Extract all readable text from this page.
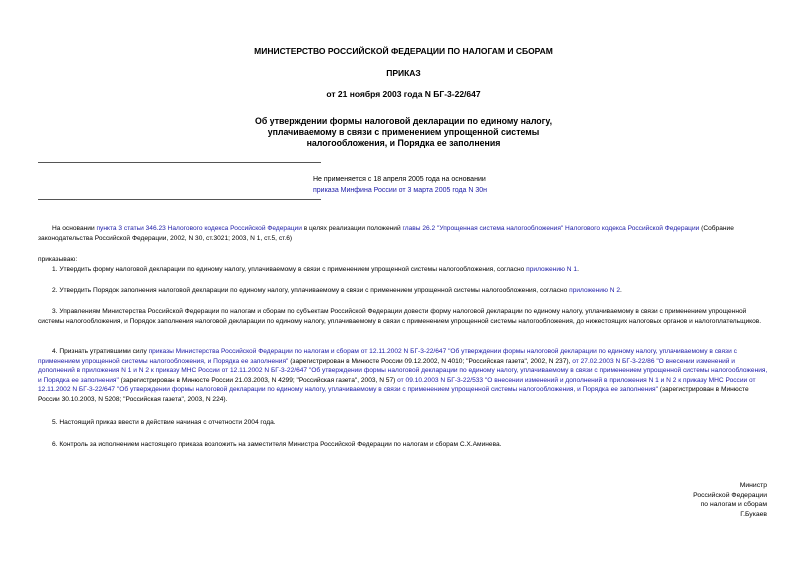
МИНИСТЕРСТВО РОССИЙСКОЙ ФЕДЕРАЦИИ ПО НАЛОГАМ И СБОРАМ
ПРИКАЗ
от 21 ноября 2003 года N БГ-3-22/647
Об утверждении формы налоговой декларации по единому налогу,
уплачиваемому в связи с применением упрощенной системы
налогообложения, и Порядка ее заполнения
Не применяется с 18 апреля 2005 года на основании
приказа Минфина России от 3 марта 2005 года N 30н
На основании пункта 3 статьи 346.23 Налогового кодекса Российской Федерации в целях реализации положений главы 26.2 "Упрощенная система налогообложения" Налогового кодекса Российской Федерации (Собрание законодательства Российской Федерации, 2002, N 30, ст.3021; 2003, N 1, ст.5, ст.6)
приказываю:
1. Утвердить форму налоговой декларации по единому налогу, уплачиваемому в связи с применением упрощенной системы налогообложения, согласно приложению N 1.
2. Утвердить Порядок заполнения налоговой декларации по единому налогу, уплачиваемому в связи с применением упрощенной системы налогообложения, согласно приложению N 2.
3. Управлениям Министерства Российской Федерации по налогам и сборам по субъектам Российской Федерации довести форму налоговой декларации по единому налогу, уплачиваемому в связи с применением упрощенной системы налогообложения, и Порядок заполнения налоговой декларации по единому налогу, уплачиваемому в связи с применением упрощенной системы налогообложения, до нижестоящих налоговых органов и налогоплательщиков.
4. Признать утратившими силу приказы Министерства Российской Федерации по налогам и сборам от 12.11.2002 N БГ-3-22/647 "Об утверждении формы налоговой декларации по единому налогу, уплачиваемому в связи с применением упрощенной системы налогообложения, и Порядка ее заполнения" (зарегистрирован в Минюсте России 09.12.2002, N 4010; "Российская газета", 2002, N 237), от 27.02.2003 N БГ-3-22/86 "О внесении изменений и дополнений в приложения N 1 и N 2 к приказу МНС России от 12.11.2002 N БГ-3-22/647 "Об утверждении формы налоговой декларации по единому налогу, уплачиваемому в связи с применением упрощенной системы налогообложения, и Порядка ее заполнения" (зарегистрирован в Минюсте России 21.03.2003, N 4299; "Российская газета", 2003, N 57) от 09.10.2003 N БГ-3-22/533 "О внесении изменений и дополнений в приложения N 1 и N 2 к приказу МНС России от 12.11.2002 N БГ-3-22/647 "Об утверждении формы налоговой декларации по единому налогу, уплачиваемому в связи с применением упрощенной системы налогообложения, и Порядка ее заполнения" (зарегистрирован в Минюсте России 30.10.2003, N 5208; "Российская газета", 2003, N 224).
5. Настоящий приказ ввести в действие начиная с отчетности 2004 года.
6. Контроль за исполнением настоящего приказа возложить на заместителя Министра Российской Федерации по налогам и сборам С.Х.Аминева.
Министр
Российской Федерации
по налогам и сборам
Г.Букаев
